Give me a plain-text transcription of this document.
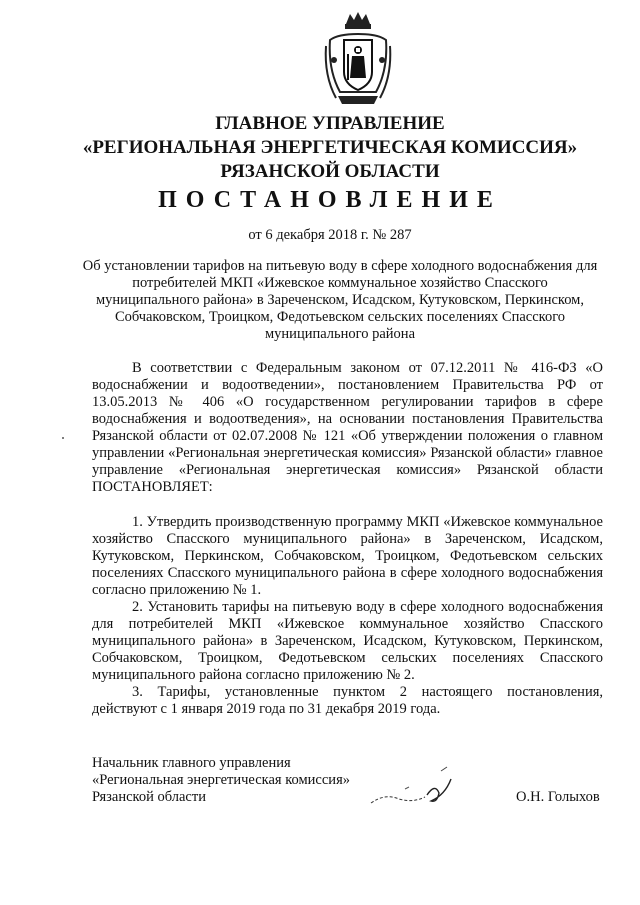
ГЛАВНОЕ УПРАВЛЕНИЕ
«РЕГИОНАЛЬНАЯ ЭНЕРГЕТИЧЕСКАЯ КОМИССИЯ»
РЯЗАНСКОЙ ОБЛАСТИ
ПОСТАНОВЛЕНИЕ
от 6 декабря 2018 г. № 287
Об установлении тарифов на питьевую воду в сфере холодного водоснабжения для потребителей МКП «Ижевское коммунальное хозяйство Спасского муниципального района» в Зареченском, Исадском, Кутуковском, Перкинском, Собчаковском, Троицком, Федотьевском сельских поселениях Спасского муниципального района

В соответствии с Федеральным законом от 07.12.2011 № 416-ФЗ «О водоснабжении и водоотведении», постановлением Правительства РФ от 13.05.2013 № 406 «О государственном регулировании тарифов в сфере водоснабжения и водоотведения», на основании постановления Правительства Рязанской области от 02.07.2008 № 121 «Об утверждении положения о главном управлении «Региональная энергетическая комиссия» Рязанской области» главное управление «Региональная энергетическая комиссия» Рязанской области ПОСТАНОВЛЯЕТ:

1. Утвердить производственную программу МКП «Ижевское коммунальное хозяйство Спасского муниципального района» в Зареченском, Исадском, Кутуковском, Перкинском, Собчаковском, Троицком, Федотьевском сельских поселениях Спасского муниципального района в сфере холодного водоснабжения согласно приложению № 1.

2. Установить тарифы на питьевую воду в сфере холодного водоснабжения для потребителей МКП «Ижевское коммунальное хозяйство Спасского муниципального района» в Зареченском, Исадском, Кутуковском, Перкинском, Собчаковском, Троицком, Федотьевском сельских поселениях Спасского муниципального района согласно приложению № 2.

3. Тарифы, установленные пунктом 2 настоящего постановления, действуют с 1 января 2019 года по 31 декабря 2019 года.

Начальник главного управления
«Региональная энергетическая комиссия»
Рязанской области	О.Н. Голыхов
